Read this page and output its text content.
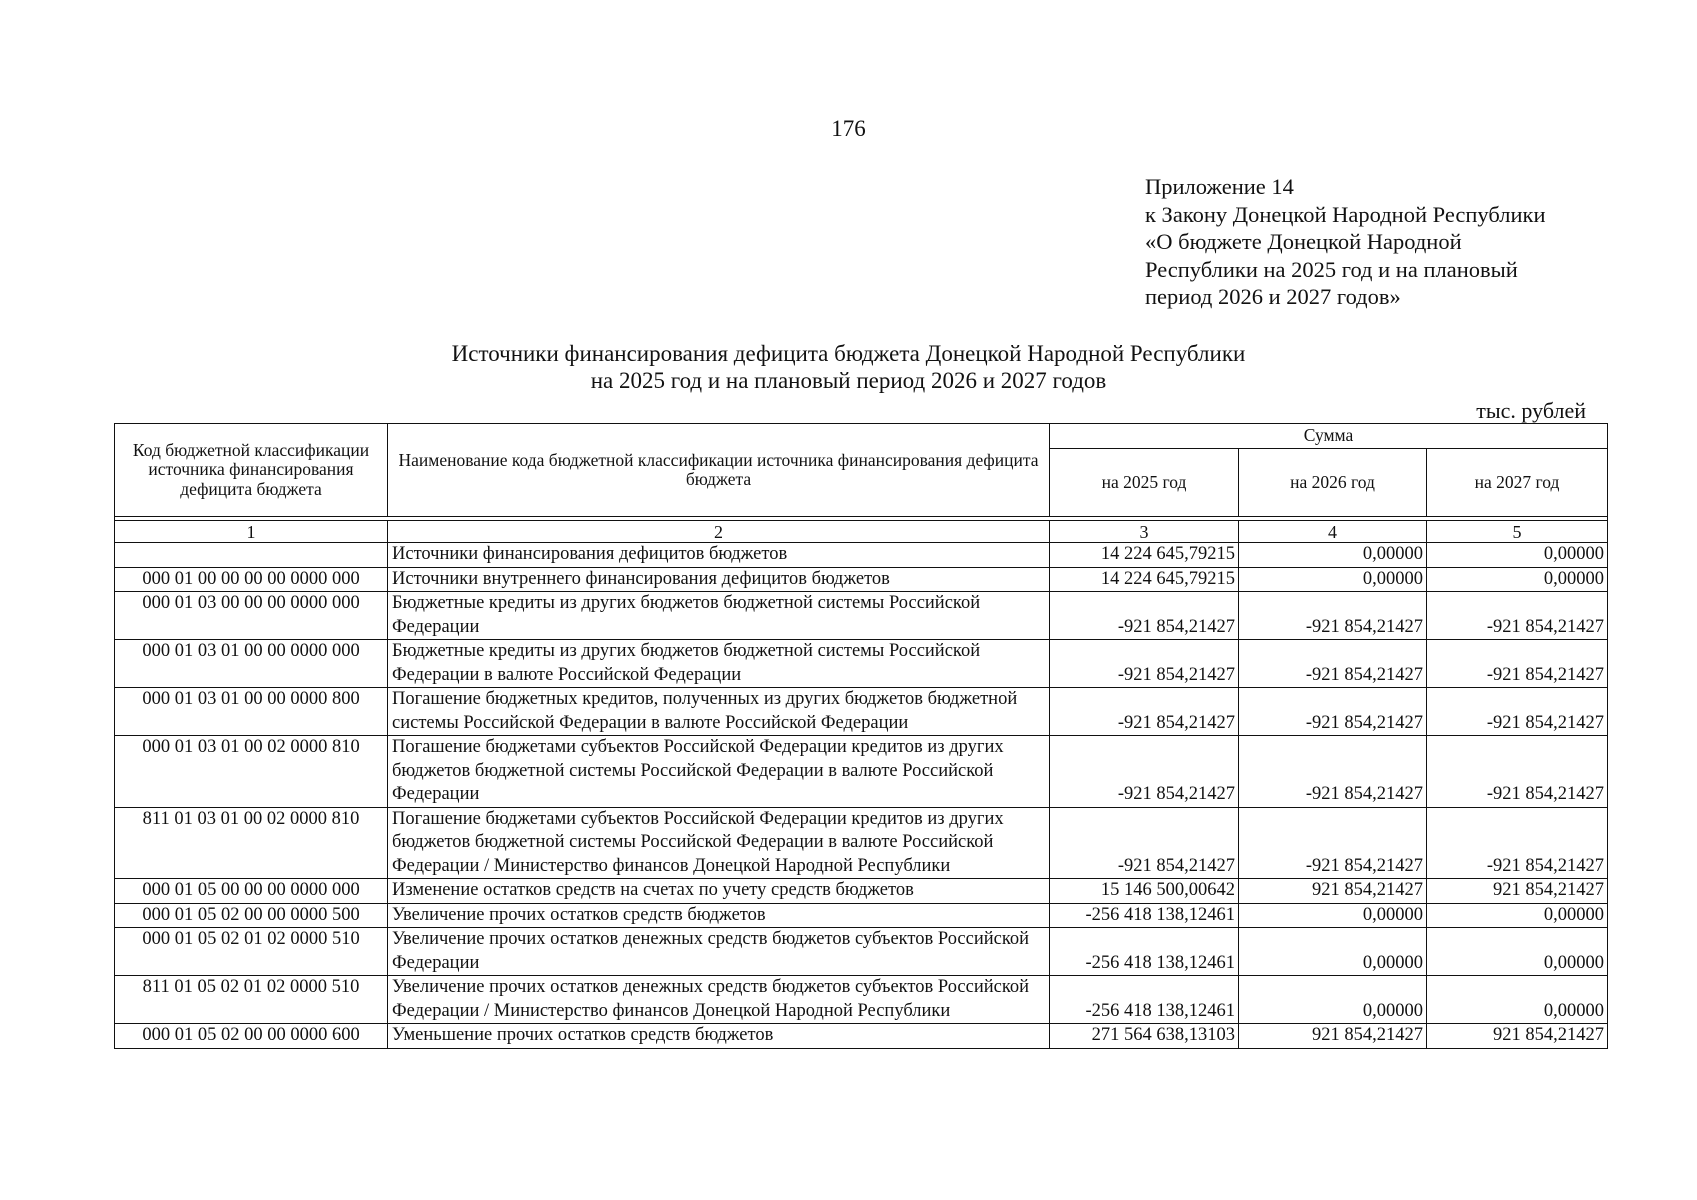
176
Приложение 14
к Закону Донецкой Народной Республики
«О бюджете Донецкой Народной
Республики на 2025 год и на плановый
период 2026 и 2027 годов»
Источники финансирования дефицита бюджета Донецкой Народной Республики
на 2025 год и на плановый период 2026 и 2027 годов
тыс. рублей
Код бюджетной классификации источника финансирования дефицита бюджета	Наименование кода бюджетной классификации источника финансирования дефицита бюджета	Сумма		
		на 2025 год	на 2026 год	на 2027 год

1	2	3	4	5
	Источники финансирования дефицитов бюджетов	14 224 645,79215	0,00000	0,00000
000 01 00 00 00 00 0000 000	Источники внутреннего финансирования дефицитов бюджетов	14 224 645,79215	0,00000	0,00000
000 01 03 00 00 00 0000 000	Бюджетные кредиты из других бюджетов бюджетной системы Российской Федерации	-921 854,21427	-921 854,21427	-921 854,21427
000 01 03 01 00 00 0000 000	Бюджетные кредиты из других бюджетов бюджетной системы Российской Федерации в валюте Российской Федерации	-921 854,21427	-921 854,21427	-921 854,21427
000 01 03 01 00 00 0000 800	Погашение бюджетных кредитов, полученных из других бюджетов бюджетной системы Российской Федерации в валюте Российской Федерации	-921 854,21427	-921 854,21427	-921 854,21427
000 01 03 01 00 02 0000 810	Погашение бюджетами субъектов Российской Федерации кредитов из других бюджетов бюджетной системы Российской Федерации в валюте Российской Федерации	-921 854,21427	-921 854,21427	-921 854,21427
811 01 03 01 00 02 0000 810	Погашение бюджетами субъектов Российской Федерации кредитов из других бюджетов бюджетной системы Российской Федерации в валюте Российской Федерации / Министерство финансов Донецкой Народной Республики	-921 854,21427	-921 854,21427	-921 854,21427
000 01 05 00 00 00 0000 000	Изменение остатков средств на счетах по учету средств бюджетов	15 146 500,00642	921 854,21427	921 854,21427
000 01 05 02 00 00 0000 500	Увеличение прочих остатков средств бюджетов	-256 418 138,12461	0,00000	0,00000
000 01 05 02 01 02 0000 510	Увеличение прочих остатков денежных средств бюджетов субъектов Российской Федерации	-256 418 138,12461	0,00000	0,00000
811 01 05 02 01 02 0000 510	Увеличение прочих остатков денежных средств бюджетов субъектов Российской Федерации / Министерство финансов Донецкой Народной Республики	-256 418 138,12461	0,00000	0,00000
000 01 05 02 00 00 0000 600	Уменьшение прочих остатков средств бюджетов	271 564 638,13103	921 854,21427	921 854,21427
